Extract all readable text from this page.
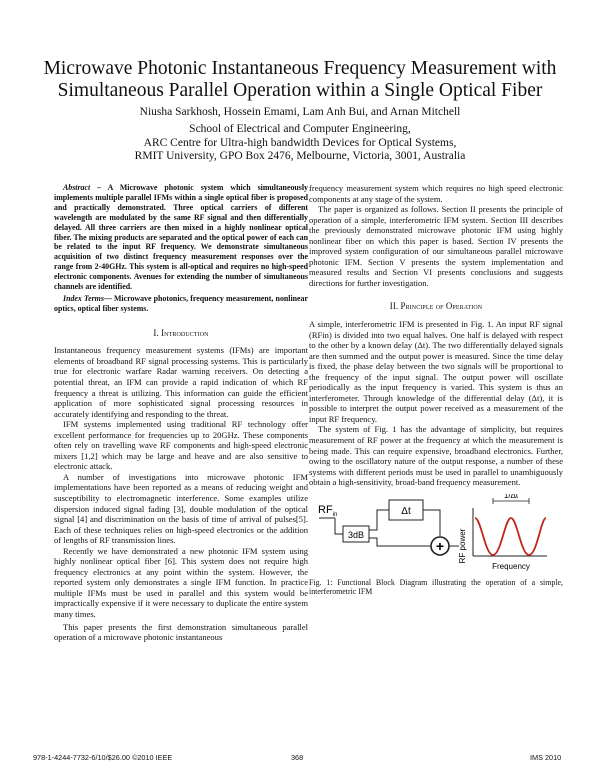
Microwave Photonic Instantaneous Frequency Measurement with
Simultaneous Parallel Operation within a Single Optical Fiber
Niusha Sarkhosh, Hossein Emami, Lam Anh Bui, and Arnan Mitchell
School of Electrical and Computer Engineering,
ARC Centre for Ultra-high bandwidth Devices for Optical Systems,
RMIT University, GPO Box 2476, Melbourne, Victoria, 3001, Australia

Abstract – A Microwave photonic system which simultaneously implements multiple parallel IFMs within a single optical fiber is proposed and practically demonstrated. Three optical carriers of different wavelength are modulated by the same RF signal and then differentially delayed. All three carriers are then mixed in a highly nonlinear optical fiber. The mixing products are separated and the optical power of each can be related to the input RF frequency. We demonstrate simultaneous acquisition of two distinct frequency measurement responses over the range from 2-40GHz. This system is all-optical and requires no high-speed electronic components. Avenues for extending the number of simultaneous channels are identified.

Index Terms— Microwave photonics, frequency measurement, nonlinear optics, optical fiber systems.

I. Introduction

Instantaneous frequency measurement systems (IFMs) are important elements of broadband RF signal processing systems. This is particularly true for electronic warfare Radar warning receivers. On detecting a potential threat, an IFM can provide a rapid indication of which RF frequency a threat is utilizing. This information can guide the efficient application of more sophisticated signal processing resources in accurately identifying and responding to the threat.

IFM systems implemented using traditional RF technology offer excellent performance for frequencies up to 20GHz. These components often rely on travelling wave RF components and high-speed electronic mixers [1,2] which may be large and heave and are also sensitive to electronic attack.

A number of investigations into microwave photonic IFM implementations have been reported as a means of reducing weight and susceptibility to electromagnetic interference. Some examples utilize dispersion induced signal fading [3], double modulation of the optical signal [4] and discrimination on the basis of time of arrival of pulses[5]. Each of these techniques relies on high-speed electronics or the addition of lengths of RF transmission lines.

Recently we have demonstrated a new photonic IFM system using highly nonlinear optical fiber [6]. This system does not require high frequency electronics at any point within the system. However, the reported system only demonstrates a single IFM function. In practice multiple IFMs must be used in parallel and this system would be impractically expensive if it were necessary to duplicate the entire system many times.

This paper presents the first demonstration simultaneous parallel operation of a microwave photonic instantaneous

frequency measurement system which requires no high speed electronic components at any stage of the system.

The paper is organized as follows. Section II presents the principle of operation of a simple, interferometric IFM system. Section III describes the previously demonstrated microwave photonic IFM using highly nonlinear fiber on which this paper is based. Section IV presents the improved system configuration of our simultaneous parallel microwave photonic IFM. Section V presents the system implementation and measured results and Section VI presents conclusions and suggests directions for further investigation.

II. Principle of Operation

A simple, interferometric IFM is presented in Fig. 1. An input RF signal (RFin) is divided into two equal halves. One half is delayed with respect to the other by a known delay (Δt). The two differentially delayed signals are then summed and the output power is measured. Since the time delay is fixed, the phase delay between the two signals will be proportional to the frequency of the input signal. The output power will oscillate periodically as the input frequency is varied. This system is thus an interferometer. Through knowledge of the differential delay (Δt), it is possible to interpret the output power received as a measurement of the input RF frequency.

The system of Fig. 1 has the advantage of simplicity, but requires measurement of RF power at the frequency at which the measurement is being made. This can require expensive, broadband electronics. Further, owing to the oscillatory nature of the output response, a number of these systems with different periods must be used in parallel to unambiguously obtain a high-sensitivity, broad-band frequency measurement.

$RF_{in}$
3dB
Δt
+ RF power
1/Δt
Frequency

Fig. 1: Functional Block Diagram illustrating the operation of a simple, interferometric IFM

978-1-4244-7732-6/10/$26.00 ©2010 IEEE	368	IMS 2010
